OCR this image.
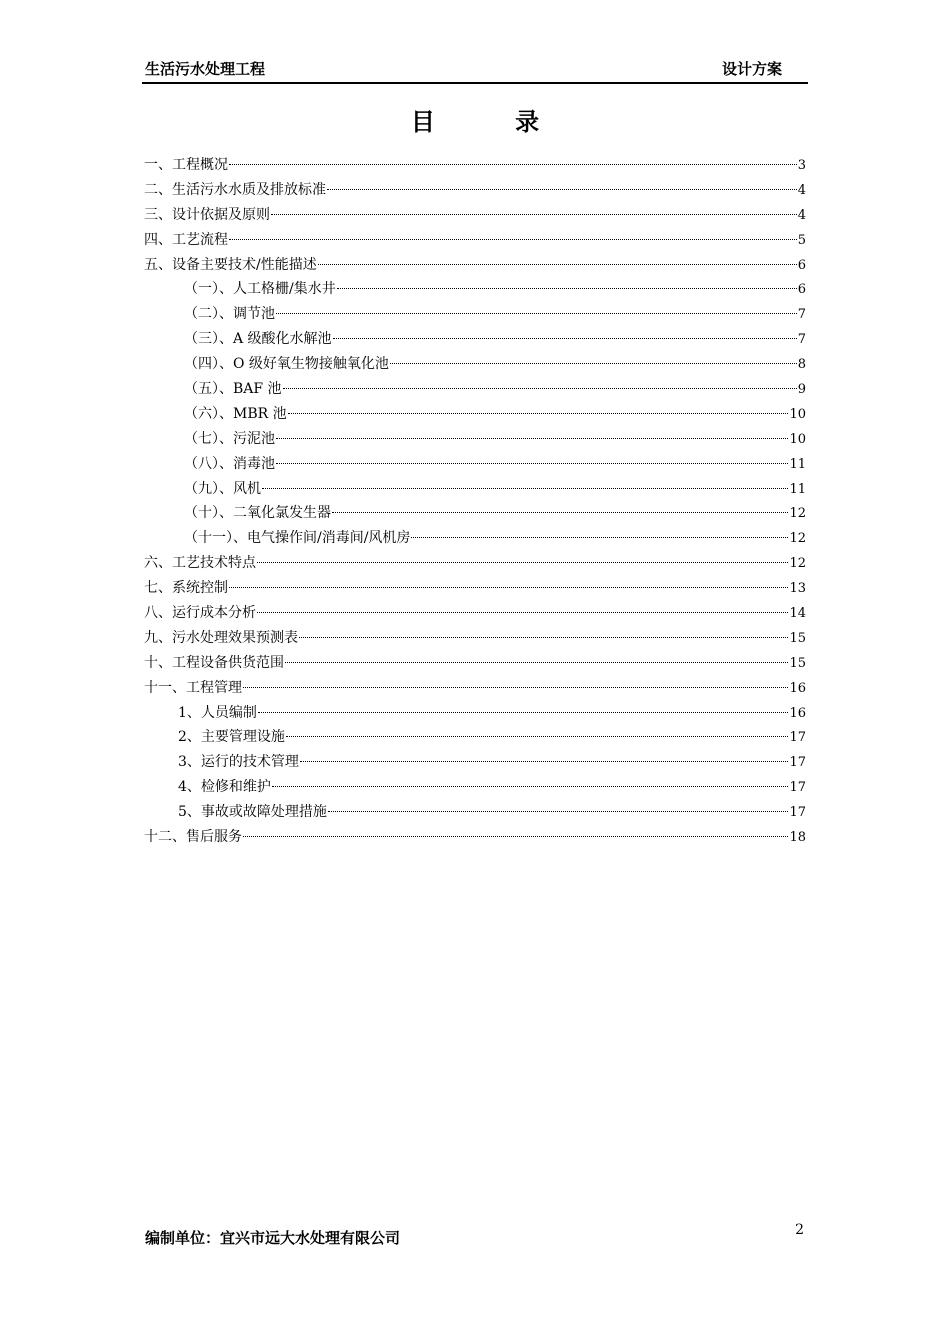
生活污水处理工程	设计方案
目 录
一、工程概况	3
二、生活污水水质及排放标准	4
三、设计依据及原则	4
四、工艺流程	5
五、设备主要技术/性能描述	6
（一）、人工格栅/集水井	6
（二）、调节池	7
（三）、A 级酸化水解池	7
（四）、O 级好氧生物接触氧化池	8
（五）、BAF 池	9
（六）、MBR 池	10
（七）、污泥池	10
（八）、消毒池	11
（九）、风机	11
（十）、二氧化氯发生器	12
（十一）、电气操作间/消毒间/风机房	12
六、工艺技术特点	12
七、系统控制	13
八、运行成本分析	14
九、污水处理效果预测表	15
十、工程设备供货范围	15
十一、工程管理	16
1、人员编制	16
2、主要管理设施	17
3、运行的技术管理	17
4、检修和维护	17
5、事故或故障处理措施	17
十二、售后服务	18
编制单位：宜兴市远大水处理有限公司	2
